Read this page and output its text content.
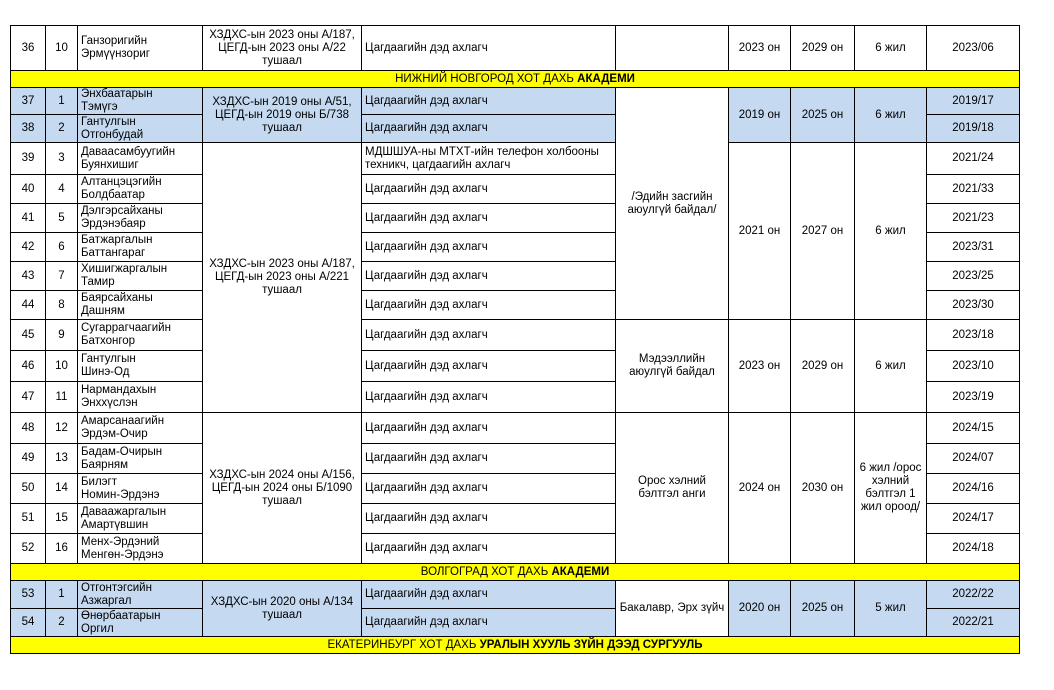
36	10	Ганзоригийн
Эрмүүнзориг	ХЗДХС-ын 2023 оны А/187, ЦЕГД-ын 2023 оны А/22 тушаал	Цагдаагийн дэд ахлагч		2023 он	2029 он	6 жил	2023/06
НИЖНИЙ НОВГОРОД ХОТ ДАХЬ АКАДЕМИ									
37	1	Энхбаатарын
Тэмүгэ	ХЗДХС-ын 2019 оны А/51, ЦЕГД-ын 2019 оны Б/738 тушаал	Цагдаагийн дэд ахлагч	/Эдийн засгийн аюулгүй байдал/	2019 он	2025 он	6 жил	2019/17
38	2	Гантулгын
Отгонбудай		Цагдаагийн дэд ахлагч					2019/18
39	3	Даваасамбуугийн
Буянхишиг	ХЗДХС-ын 2023 оны А/187, ЦЕГД-ын 2023 оны А/221 тушаал	МДШШУА-ны МТХТ-ийн телефон холбооны техникч, цагдаагийн ахлагч		2021 он	2027 он	6 жил	2021/24
40	4	Алтанцэцэгийн
Болдбаатар		Цагдаагийн дэд ахлагч					2021/33
41	5	Дэлгэрсайханы
Эрдэнэбаяр		Цагдаагийн дэд ахлагч					2021/23
42	6	Батжаргалын
Баттангараг		Цагдаагийн дэд ахлагч					2023/31
43	7	Хишигжаргалын
Тамир		Цагдаагийн дэд ахлагч					2023/25
44	8	Баярсайханы
Дашням		Цагдаагийн дэд ахлагч					2023/30
45	9	Сугаррагчаагийн
Батхонгор		Цагдаагийн дэд ахлагч	Мэдээллийн аюулгүй байдал	2023 он	2029 он	6 жил	2023/18
46	10	Гантулгын
Шинэ-Од		Цагдаагийн дэд ахлагч					2023/10
47	11	Нармандахын
Энхxүслэн		Цагдаагийн дэд ахлагч					2023/19
48	12	Амарсанаагийн
Эрдэм-Очир	ХЗДХС-ын 2024 оны А/156, ЦЕГД-ын 2024 оны Б/1090 тушаал	Цагдаагийн дэд ахлагч	Орос хэлний бэлтгэл анги	2024 он	2030 он	6 жил /орос хэлний бэлтгэл 1 жил ороод/	2024/15
49	13	Бадам-Очирын
Баярням		Цагдаагийн дэд ахлагч					2024/07
50	14	Билэгт
Номин-Эрдэнэ		Цагдаагийн дэд ахлагч					2024/16
51	15	Даваажаргалын
Амартүвшин		Цагдаагийн дэд ахлагч					2024/17
52	16	Менх-Эрдэний
Менгөн-Эрдэнэ		Цагдаагийн дэд ахлагч					2024/18
ВОЛГОГРАД ХОТ ДАХЬ АКАДЕМИ									
53	1	Отгонтэгсийн
Азжаргал	ХЗДХС-ын 2020 оны А/134 тушаал	Цагдаагийн дэд ахлагч	Бакалавр, Эрх зүйч	2020 он	2025 он	5 жил	2022/22
54	2	Өнөрбаатарын
Оргил		Цагдаагийн дэд ахлагч					2022/21
ЕКАТЕРИНБУРГ ХОТ ДАХЬ УРАЛЫН ХУУЛЬ ЗҮЙН ДЭЭД СУРГУУЛЬ									
